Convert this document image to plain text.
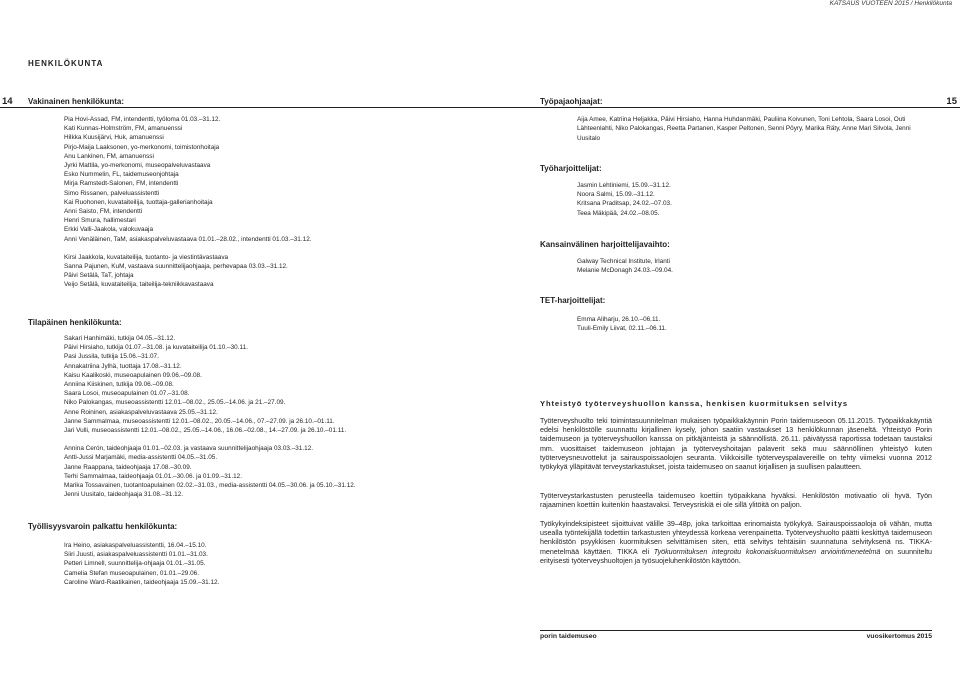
KATSAUS VUOTEEN 2015 / Henkilökunta
HENKILÖKUNTA
14	15
Vakinainen henkilökunta:	Työpajaohjaajat:
Pia Hovi-Assad, FM, intendentti, työloma 01.03.–31.12.
Kati Kunnas-Holmström, FM, amanuenssi
Hilkka Kuusijärvi, Huk, amanuenssi
Pirjo-Maija Laaksonen, yo-merkonomi, toimistonhoitaja
Anu Lankinen, FM, amanuenssi
Jyrki Mattila, yo-merkonomi, museopalveluvastaava
Esko Nummelin, FL, taidemuseonjohtaja
Mirja Ramstedt-Salonen, FM, intendentti
Simo Rissanen, palveluassistentti
Kai Ruohonen, kuvataiteilija, tuottaja-gallerianhoitaja
Anni Saisto, FM, intendentti
Henri Smura, hallimestari
Erkki Valli-Jaakola, valokuvaaja
Anni Venäläinen, TaM, asiakaspalveluvastaava 01.01.–28.02., intendentti 01.03.–31.12.
Kirsi Jaakkola, kuvataiteilija, tuotanto- ja viestintävastaava
Sanna Pajunen, KuM, vastaava suunnittelijaohjaaja, perhevapaa 03.03.–31.12.
Päivi Setälä, TaT, johtaja
Veijo Setälä, kuvataiteilija, taiteilija-tekniikkavastaava
Tilapäinen henkilökunta:
Sakari Hanhimäki, tutkija 04.05.–31.12.
Päivi Hirsiaho, tutkija 01.07.–31.08. ja kuvataiteilija 01.10.–30.11.
Pasi Jussila, tutkija 15.06.–31.07.
Annakatriina Jylhä, tuottaja 17.08.–31.12.
Kaisu Kaalikoski, museoapulainen 09.06.–09.08.
Anniina Kiiskinen, tutkija 09.06.–09.08.
Saara Losoi, museoapulainen 01.07.–31.08.
Niko Palokangas, museoassistentti 12.01.–08.02., 25.05.–14.06. ja 21.–27.09.
Anne Roininen, asiakaspalveluvastaava 25.05.–31.12.
Janne Sammalmaa, museoassistentti 12.01.–08.02., 20.05.–14.06., 07.–27.09. ja 26.10.–01.11.
Jari Vulli, museoassistentti 12.01.–08.02., 25.05.–14.06., 16.06.–02.08., 14.–27.09. ja 26.10.–01.11.
Annina Cerón, taideohjaaja 01.01.–02.03. ja vastaava suunnittelijaohjaaja 03.03.–31.12.
Antti-Jussi Marjamäki, media-assistentti 04.05.–31.05.
Janne Raappana, taideohjaaja 17.08.–30.09.
Terhi Sammalmaa, taideohjaaja 01.01.–30.06. ja 01.09.–31.12.
Marika Tossavainen, tuotantoapulainen 02.02.–31.03., media-assistentti 04.05.–30.06. ja 05.10.–31.12.
Jenni Uusitalo, taideohjaaja 31.08.–31.12.
Työllisyysvaroin palkattu henkilökunta:
Ira Heino, asiakaspalveluassistentti, 16.04.–15.10.
Siiri Juusti, asiakaspalveluassistentti 01.01.–31.03.
Petteri Limnell, suunnittelija-ohjaaja 01.01.–31.05.
Camelia Stefan museoapulainen, 01.01.–29.06.
Caroline Ward-Raatikainen, taideohjaaja 15.09.–31.12.
Aija Amee, Katriina Heljakka, Päivi Hirsiaho, Hanna Huhdanmäki, Pauliina Koivunen, Toni Lehtola, Saara Losoi, Outi Lähteenlahti, Niko Palokangas, Reetta Partanen, Kasper Peltonen, Senni Pöyry, Marika Räty, Anne Mari Silvola, Jenni Uusitalo
Työharjoittelijat:
Jasmin Lehtiniemi, 15.09.–31.12.
Noora Salmi, 15.09.–31.12.
Kritsana Praditsap, 24.02.–07.03.
Teea Mäkipää, 24.02.–08.05.
Kansainvälinen harjoittelijavaihto:
Galway Technical Institute, Irlanti
Melanie McDonagh 24.03.–09.04.
TET-harjoittelijat:
Emma Aliharju, 26.10.–06.11.
Tuuli-Emily Liivat, 02.11.–06.11.
Yhteistyö työterveyshuollon kanssa, henkisen kuormituksen selvitys

Työterveyshuolto teki toimintasuunnitelman mukaisen työpaikkakäynnin Porin taidemuseoon 05.11.2015. Työpaikkakäyntiä edelsi henkilöstölle suunnattu kirjallinen kysely, johon saatiin vastaukset 13 henkilökunnan jäseneltä. Yhteistyö Porin taidemuseon ja työterveyshuollon kanssa on pitkäjänteistä ja säännöllistä. 26.11. päivätyssä raportissa todetaan taustaksi mm. vuosittaiset taidemuseon johtajan ja työterveyshoitajan palaverit sekä muu säännöllinen yhteistyö kuten työterveysneuvottelut ja sairauspoissaolojen seuranta. Viikkoisille työterveyspalavereille on tehty viimeksi vuonna 2012 työkykyä ylläpitävät terveystarkastukset, joista taidemuseo on saanut kirjallisen ja suullisen palautteen.

Työterveystarkastusten perusteella taidemuseo koettiin työpaikkana hyväksi. Henkilöstön motivaatio oli hyvä. Työn rajaaminen koettiin kuitenkin haastavaksi. Terveysriskiä ei ole sillä ylitöitä on paljon.

Työkykyindeksipisteet sijoittuivat välille 39–48p, joka tarkoittaa erinomaista työkykyä. Sairauspoissaoloja oli vähän, mutta usealla työntekijällä todettiin tarkastusten yhteydessä korkeaa verenpainetta. Työterveyshuolto päätti keskittyä taidemuseon henkilöstön psyykkisen kuormituksen selvittämisen siten, että selvitys tehtäisiin suunnatuna selvityksenä ns. TIKKA-menetelmää käyttäen. TIKKA eli Työkuormituksen integroitu kokonaiskuormituksen arviointimenetelmä on suunniteltu erityisesti työterveyshuoltojen ja työsuojeluhenkilöstön käyttöön.

porin taidemuseo	vuosikertomus 2015
